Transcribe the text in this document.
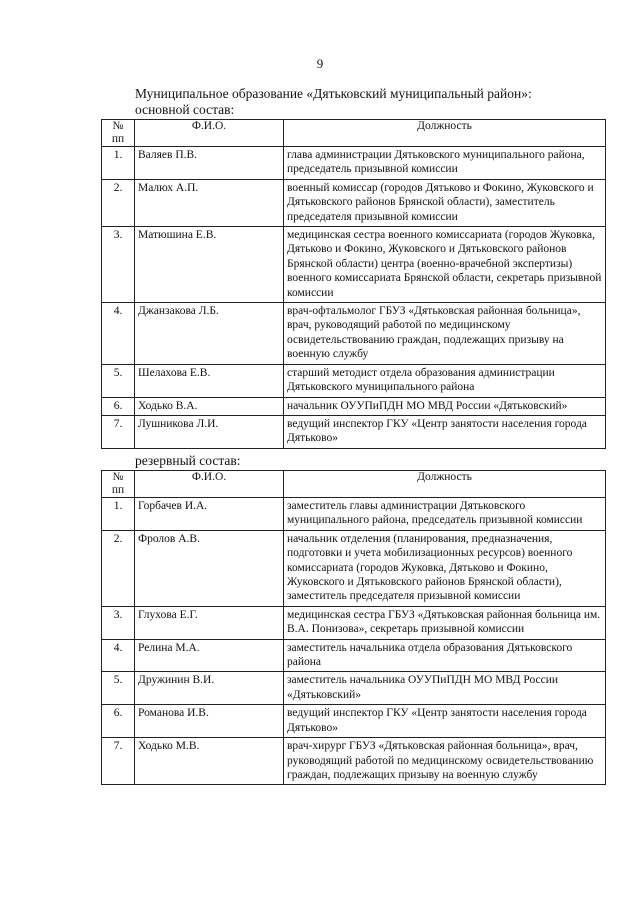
9
Муниципальное образование «Дятьковский муниципальный район»:
основной состав:
№ пп	Ф.И.О.	Должность
1.	Валяев П.В.	глава администрации Дятьковского муниципального района, председатель призывной комиссии
2.	Малюх А.П.	военный комиссар (городов Дятьково и Фокино, Жуковского и Дятьковского районов Брянской области), заместитель председателя призывной комиссии
3.	Матюшина Е.В.	медицинская сестра военного комиссариата (городов Жуковка, Дятьково и Фокино, Жуковского и Дятьковского районов Брянской области) центра (военно-врачебной экспертизы) военного комиссариата Брянской области, секретарь призывной комиссии
4.	Джанзакова Л.Б.	врач-офтальмолог ГБУЗ «Дятьковская районная больница», врач, руководящий работой по медицинскому освидетельствованию граждан, подлежащих призыву на военную службу
5.	Шелахова Е.В.	старший методист отдела образования администрации Дятьковского муниципального района
6.	Ходько В.А.	начальник ОУУПиПДН МО МВД России «Дятьковский»
7.	Лушникова Л.И.	ведущий инспектор ГКУ «Центр занятости населения города Дятьково»
резервный состав:
№ пп	Ф.И.О.	Должность
1.	Горбачев И.А.	заместитель главы администрации Дятьковского муниципального района, председатель призывной комиссии
2.	Фролов А.В.	начальник отделения (планирования, предназначения, подготовки и учета мобилизационных ресурсов) военного комиссариата (городов Жуковка, Дятьково и Фокино, Жуковского и Дятьковского районов Брянской области), заместитель председателя призывной комиссии
3.	Глухова Е.Г.	медицинская сестра ГБУЗ «Дятьковская районная больница им. В.А. Понизова», секретарь призывной комиссии
4.	Релина М.А.	заместитель начальника отдела образования Дятьковского района
5.	Дружинин В.И.	заместитель начальника ОУУПиПДН МО МВД России «Дятьковский»
6.	Романова И.В.	ведущий инспектор ГКУ «Центр занятости населения города Дятьково»
7.	Ходько М.В.	врач-хирург ГБУЗ «Дятьковская районная больница», врач, руководящий работой по медицинскому освидетельствованию граждан, подлежащих призыву на военную службу
